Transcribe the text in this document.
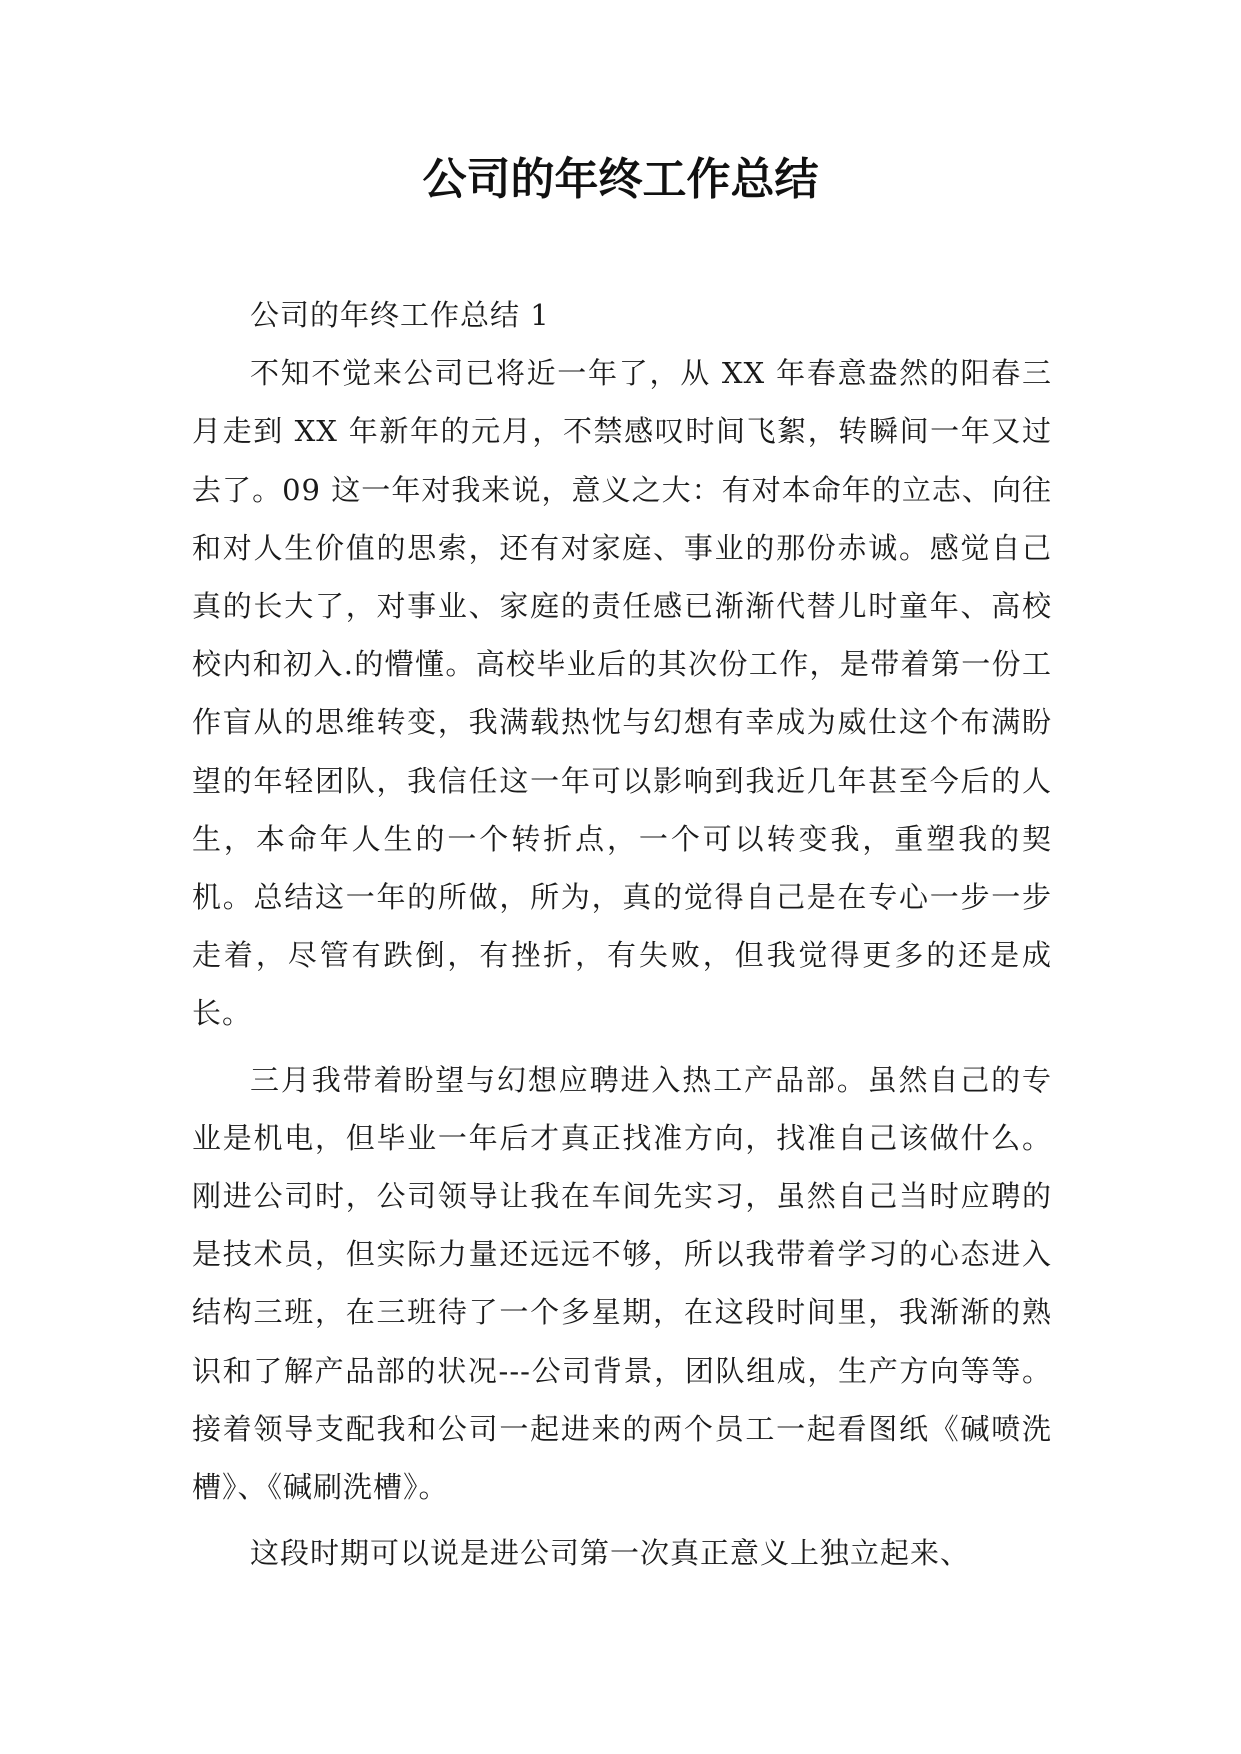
公司的年终工作总结

公司的年终工作总结 1

不知不觉来公司已将近一年了，从 XX 年春意盎然的阳春三月走到 XX 年新年的元月，不禁感叹时间飞絮，转瞬间一年又过去了。09 这一年对我来说，意义之大：有对本命年的立志、向往和对人生价值的思索，还有对家庭、事业的那份赤诚。感觉自己真的长大了，对事业、家庭的责任感已渐渐代替儿时童年、高校校内和初入.的懵懂。高校毕业后的其次份工作，是带着第一份工作盲从的思维转变，我满载热忱与幻想有幸成为威仕这个布满盼望的年轻团队，我信任这一年可以影响到我近几年甚至今后的人生，本命年人生的一个转折点，一个可以转变我，重塑我的契机。总结这一年的所做，所为，真的觉得自己是在专心一步一步走着，尽管有跌倒，有挫折，有失败，但我觉得更多的还是成长。

三月我带着盼望与幻想应聘进入热工产品部。虽然自己的专业是机电，但毕业一年后才真正找准方向，找准自己该做什么。刚进公司时，公司领导让我在车间先实习，虽然自己当时应聘的是技术员，但实际力量还远远不够，所以我带着学习的心态进入结构三班，在三班待了一个多星期，在这段时间里，我渐渐的熟识和了解产品部的状况---公司背景，团队组成，生产方向等等。接着领导支配我和公司一起进来的两个员工一起看图纸《碱喷洗槽》、《碱刷洗槽》。

这段时期可以说是进公司第一次真正意义上独立起来、
